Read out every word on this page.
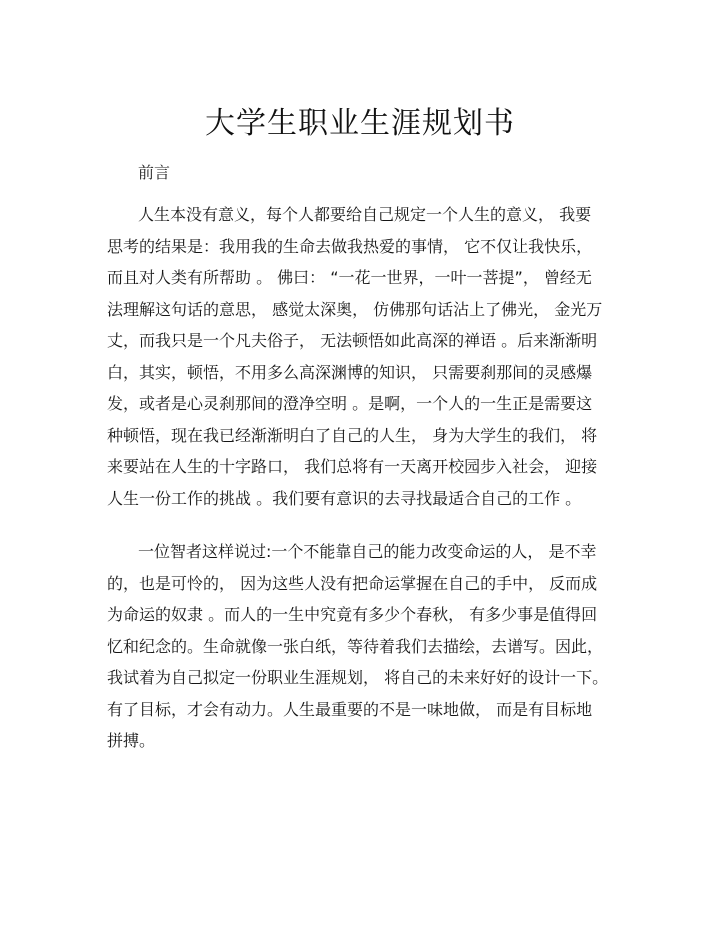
大学生职业生涯规划书
前言
人生本没有意义，每个人都要给自己规定一个人生的意义， 我要
思考的结果是：我用我的生命去做我热爱的事情， 它不仅让我快乐，
而且对人类有所帮助 。 佛曰： “一花一世界，一叶一菩提”， 曾经无
法理解这句话的意思， 感觉太深奥， 仿佛那句话沾上了佛光， 金光万
丈，而我只是一个凡夫俗子， 无法顿悟如此高深的禅语 。后来渐渐明
白，其实，顿悟，不用多么高深渊博的知识， 只需要刹那间的灵感爆
发，或者是心灵刹那间的澄净空明 。是啊，一个人的一生正是需要这
种顿悟，现在我已经渐渐明白了自己的人生， 身为大学生的我们， 将
来要站在人生的十字路口， 我们总将有一天离开校园步入社会， 迎接
人生一份工作的挑战 。我们要有意识的去寻找最适合自己的工作 。
一位智者这样说过:一个不能靠自己的能力改变命运的人， 是不幸
的，也是可怜的， 因为这些人没有把命运掌握在自己的手中， 反而成
为命运的奴隶 。而人的一生中究竟有多少个春秋， 有多少事是值得回
忆和纪念的。生命就像一张白纸，等待着我们去描绘，去谱写。因此，
我试着为自己拟定一份职业生涯规划， 将自己的未来好好的设计一下。
有了目标，才会有动力。人生最重要的不是一味地做， 而是有目标地
拼搏。
